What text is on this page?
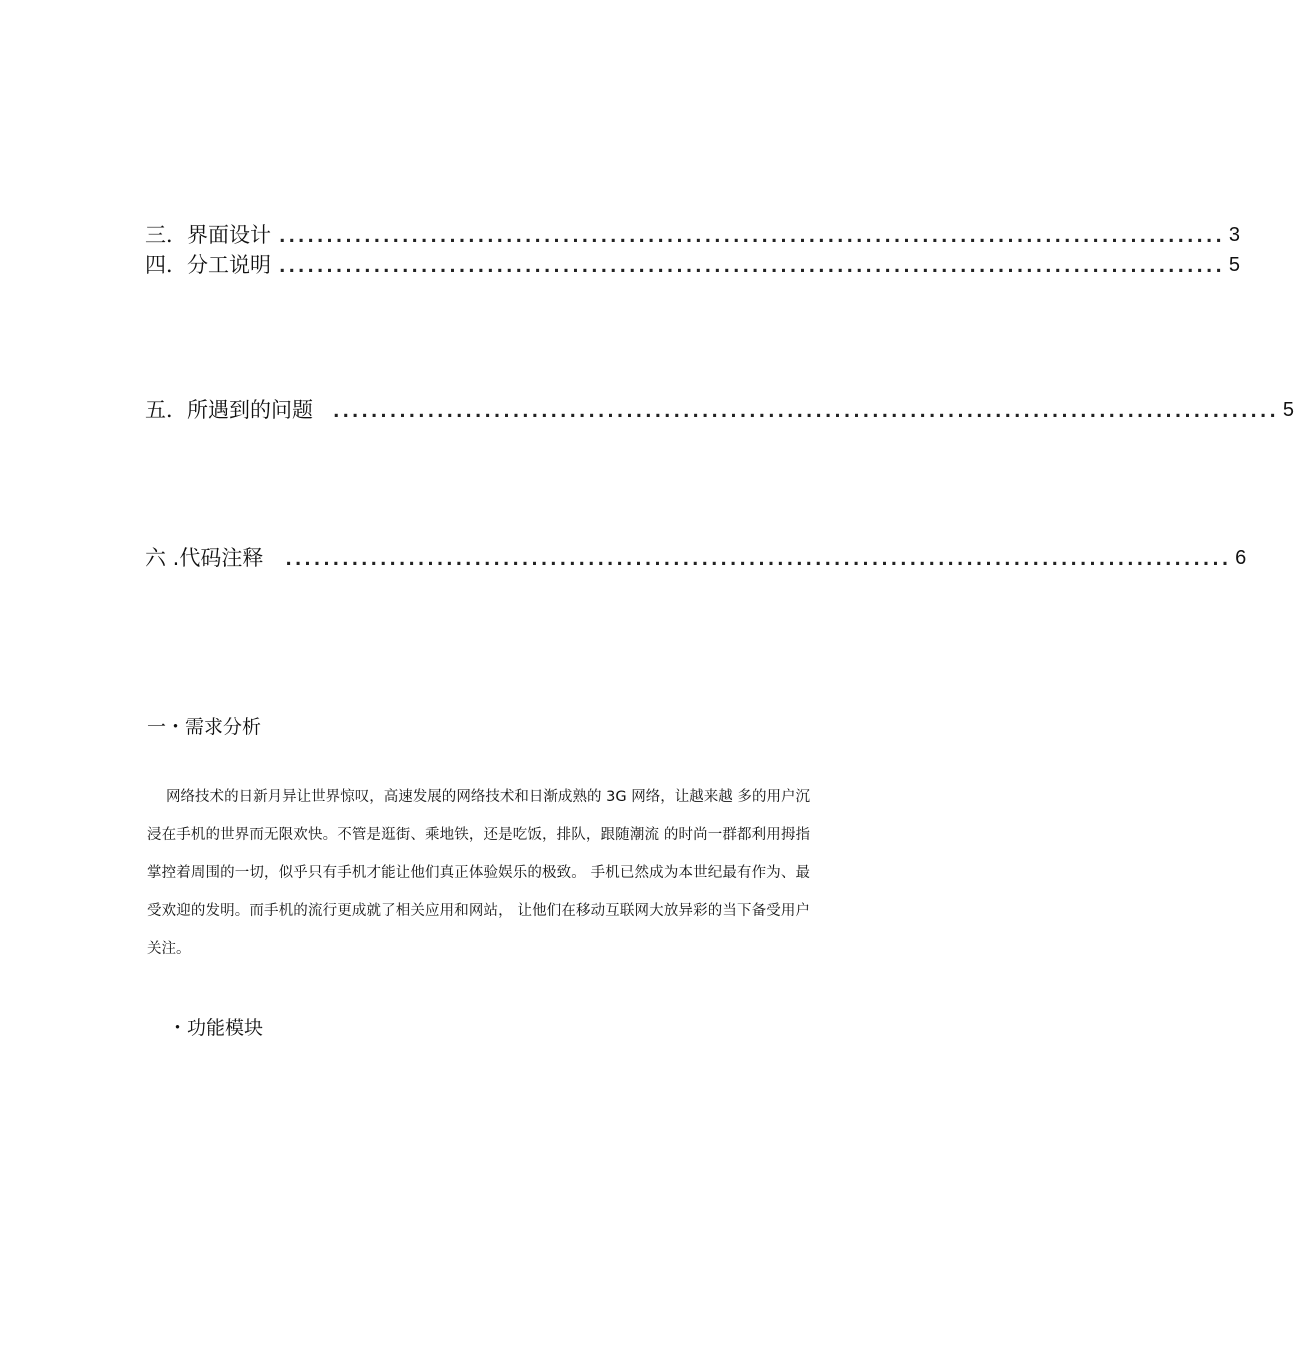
三．界面设计 .................................................................................................... 3
四．分工说明 .................................................................................................... 5
五．所遇到的问题	.................................................................................................... 5
六 .代码注释	.................................................................................................... 6
一・需求分析

网络技术的日新月异让世界惊叹，高速发展的网络技术和日渐成熟的 3G 网络，让越来越 多的用户沉浸在手机的世界而无限欢快。不管是逛街、乘地铁，还是吃饭，排队，跟随潮流 的时尚一群都利用拇指掌控着周围的一切，似乎只有手机才能让他们真正体验娱乐的极致。 手机已然成为本世纪最有作为、最受欢迎的发明。而手机的流行更成就了相关应用和网站， 让他们在移动互联网大放异彩的当下备受用户关注。

・功能模块
